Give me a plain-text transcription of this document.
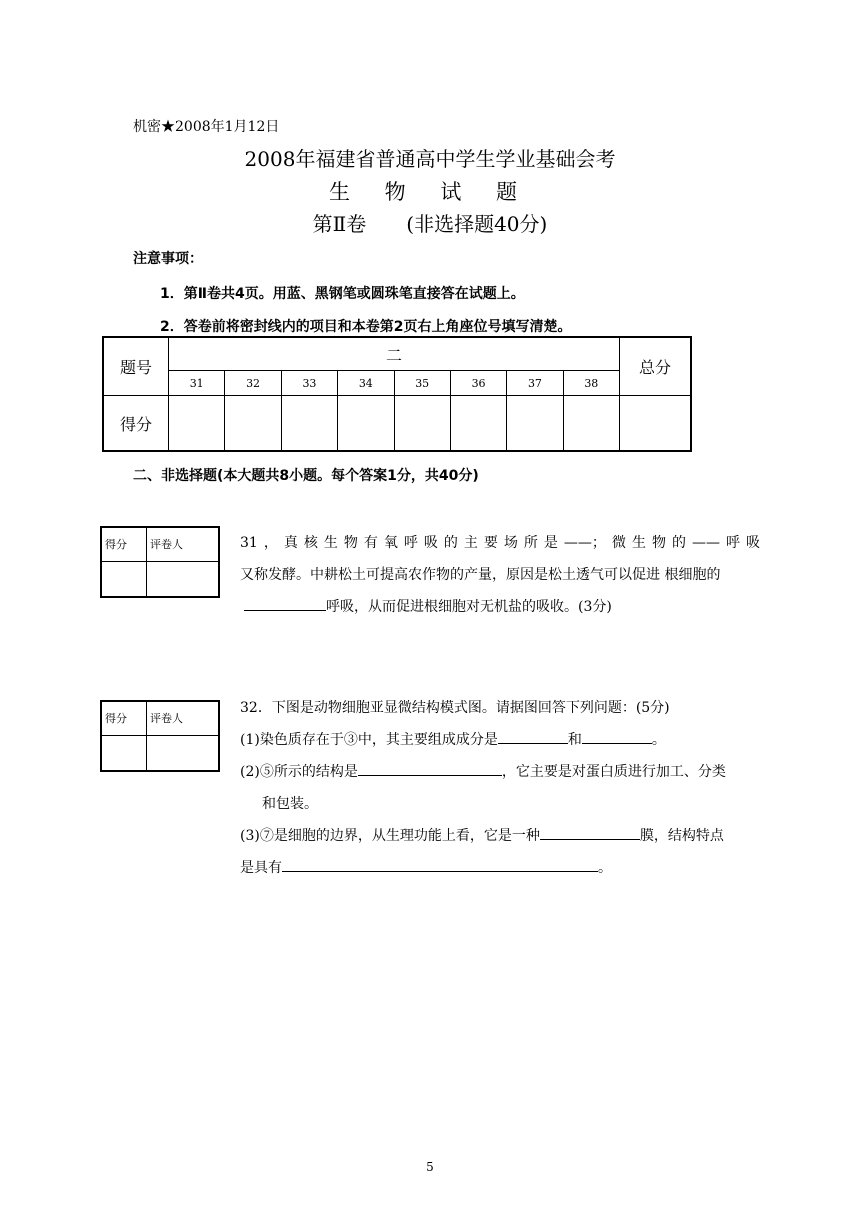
机密★2008年1月12日
2008年福建省普通高中学生学业基础会考
生 物 试 题
第Ⅱ卷　　(非选择题40分)
注意事项：
1．第Ⅱ卷共4页。用蓝、黑钢笔或圆珠笔直接答在试题上。
2．答卷前将密封线内的项目和本卷第2页右上角座位号填写清楚。
题号	二								总分
	31	32	33	34	35	36	37	38	
得分									
二、非选择题(本大题共8小题。每个答案1分，共40分)
得分	评卷人
		31，真核生物有氧呼吸的主要场所是——；微生物的——呼吸
又称发酵。中耕松土可提高农作物的产量，原因是松土透气可以促进 根细胞的
呼吸，从而促进根细胞对无机盐的吸收。(3分)
得分	评卷人

32．下图是动物细胞亚显微结构模式图。请据图回答下列问题：(5分)
(1)染色质存在于③中，其主要组成成分是	和	。
(2)⑤所示的结构是	，它主要是对蛋白质进行加工、分类
和包装。
(3)⑦是细胞的边界，从生理功能上看，它是一种	膜，结构特点
是具有	。
5
